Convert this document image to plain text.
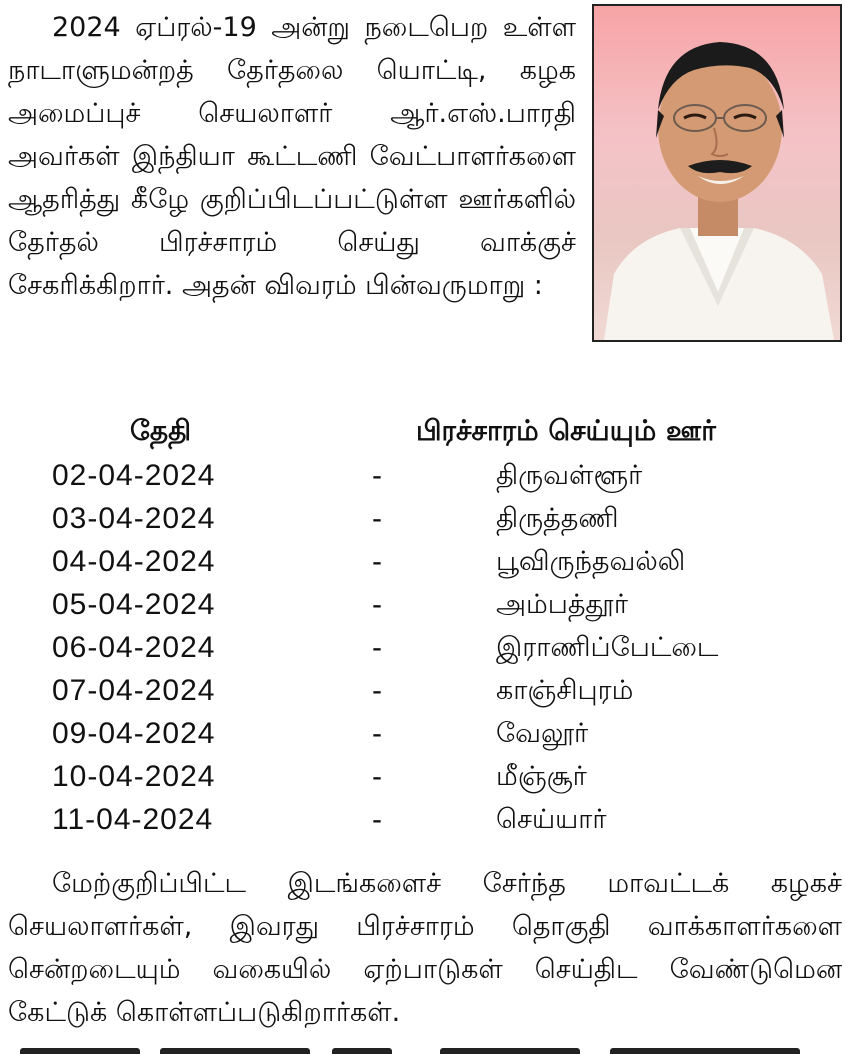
2024 ஏப்ரல்-19 அன்று நடைபெற உள்ள நாடாளுமன்றத் தேர்தலை யொட்டி, கழக அமைப்புச் செயலாளர் ஆர்.எஸ்.பாரதி அவர்கள் இந்தியா கூட்டணி வேட்பாளர்களை ஆதரித்து கீழே குறிப்பிடப்பட்டுள்ள ஊர்களில் தேர்தல் பிரச்சாரம் செய்து வாக்குச் சேகரிக்கிறார். அதன் விவரம் பின்வருமாறு :
தேதி	பிரச்சாரம் செய்யும் ஊர்
02-04-2024	-	திருவள்ளூர்
03-04-2024	-	திருத்தணி
04-04-2024	-	பூவிருந்தவல்லி
05-04-2024	-	அம்பத்தூர்
06-04-2024	-	இராணிப்பேட்டை
07-04-2024	-	காஞ்சிபுரம்
09-04-2024	-	வேலூர்
10-04-2024	-	மீஞ்சூர்
11-04-2024	-	செய்யார்
மேற்குறிப்பிட்ட இடங்களைச் சேர்ந்த மாவட்டக் கழகச் செயலாளர்கள், இவரது பிரச்சாரம் தொகுதி வாக்காளர்களை சென்றடையும் வகையில் ஏற்பாடுகள் செய்திட வேண்டுமென கேட்டுக் கொள்ளப்படுகிறார்கள்.
